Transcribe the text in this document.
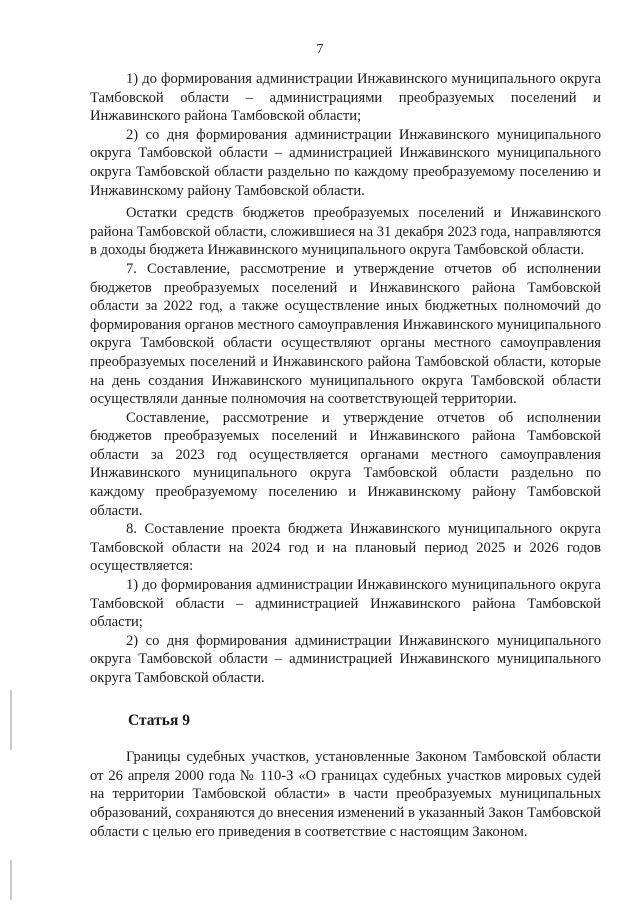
7

1) до формирования администрации Инжавинского муниципального округа Тамбовской области – администрациями преобразуемых поселений и Инжавинского района Тамбовской области;

2) со дня формирования администрации Инжавинского муниципального округа Тамбовской области – администрацией Инжавинского муниципального округа Тамбовской области раздельно по каждому преобразуемому поселению и Инжавинскому району Тамбовской области.

Остатки средств бюджетов преобразуемых поселений и Инжавинского района Тамбовской области, сложившиеся на 31 декабря 2023 года, направляются в доходы бюджета Инжавинского муниципального округа Тамбовской области.

7. Составление, рассмотрение и утверждение отчетов об исполнении бюджетов преобразуемых поселений и Инжавинского района Тамбовской области за 2022 год, а также осуществление иных бюджетных полномочий до формирования органов местного самоуправления Инжавинского муниципального округа Тамбовской области осуществляют органы местного самоуправления преобразуемых поселений и Инжавинского района Тамбовской области, которые на день создания Инжавинского муниципального округа Тамбовской области осуществляли данные полномочия на соответствующей территории.

Составление, рассмотрение и утверждение отчетов об исполнении бюджетов преобразуемых поселений и Инжавинского района Тамбовской области за 2023 год осуществляется органами местного самоуправления Инжавинского муниципального округа Тамбовской области раздельно по каждому преобразуемому поселению и Инжавинскому району Тамбовской области.

8. Составление проекта бюджета Инжавинского муниципального округа Тамбовской области на 2024 год и на плановый период 2025 и 2026 годов осуществляется:

1) до формирования администрации Инжавинского муниципального округа Тамбовской области – администрацией Инжавинского района Тамбовской области;

2) со дня формирования администрации Инжавинского муниципального округа Тамбовской области – администрацией Инжавинского муниципального округа Тамбовской области.

Статья 9

Границы судебных участков, установленные Законом Тамбовской области от 26 апреля 2000 года № 110-З «О границах судебных участков мировых судей на территории Тамбовской области» в части преобразуемых муниципальных образований, сохраняются до внесения изменений в указанный Закон Тамбовской области с целью его приведения в соответствие с настоящим Законом.
